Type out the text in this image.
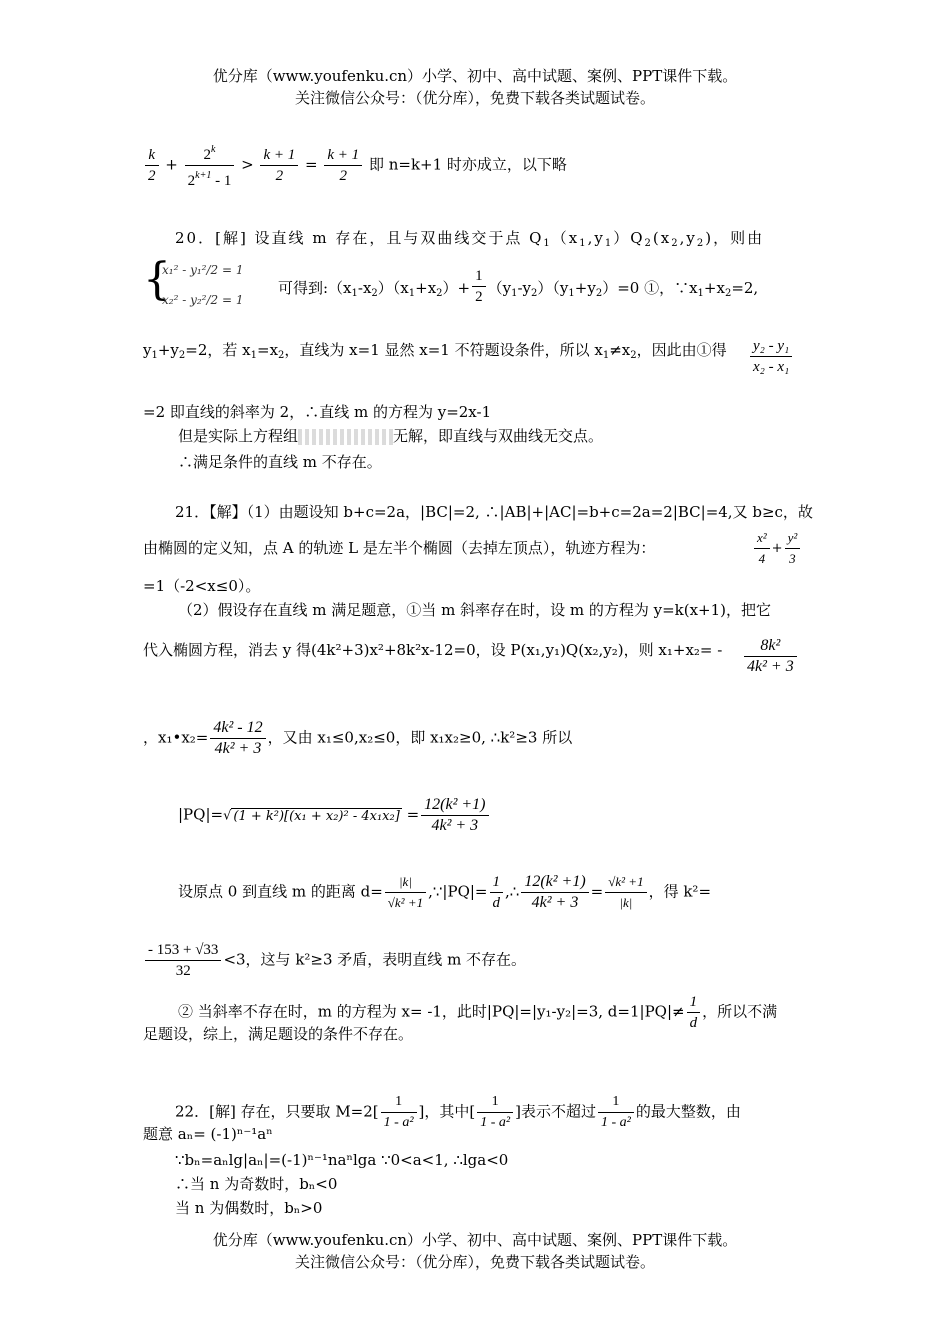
优分库（www.youfenku.cn）小学、初中、高中试题、案例、PPT课件下载。
关注微信公众号：（优分库），免费下载各类试题试卷。
$\frac{k}{2} + \frac{2^k}{2^{k+1} - 1} > \frac{k + 1}{2} = \frac{k + 1}{2}$ 即 n=k+1 时亦成立，以下略
20．[解] 设直线 m 存在，且与双曲线交于点 $Q_1(x_1,y_1)Q_2(x_2,y_2)$，则由
{
x₁² - y₁²/2 = 1
x₂² - y₂²/2 = 1
可得到$:(x_1-x_2)(x_1+x_2)+ \frac{1}{2} (y_1-y_2)(y_1+y_2)=0$ ①，$\because x_1+x_2=2$,
$y_1+y_2=2$，若 $x_1=x_2$，直线为 x=1 显然 x=1 不符题设条件，所以 $x_1\ne x_2$，因此由①得 $\frac{\text{y₂ - y₁}}{\text{x₂ - x₁}}$
=2 即直线的斜率为 2，∴直线 m 的方程为 y=2x-1
但是实际上方程组	无解，即直线与双曲线无交点。
∴满足条件的直线 m 不存在。
21．【解】（1）由题设知 b+c=2a，|BC|=2, ∴|AB|+|AC|=b+c=2a=2|BC|=4,又 b≥c，故
由椭圆的定义知，点 A 的轨迹 L 是左半个椭圆（去掉左顶点），轨迹方程为：	$\frac{\text{x²}}{4} + \frac{\text{y²}}{3}$
=1（-2<x≤0）。
（2）假设存在直线 m 满足题意，①当 m 斜率存在时，设 m 的方程为 y=k(x+1)，把它
代入椭圆方程，消去 y 得(4k²+3)x²+8k²x-12=0，设 P(x₁,y₁)Q(x₂,y₂)，则 $x_1+x_2= - \frac{\text{8k²}}{\text{4k² + 3}}$
，x₁•x₂= $\frac{\text{4k² - 12}}{\text{4k² + 3}}$ ，又由 x₁≤0,x₂≤0，即 x₁x₂≥0, ∴k²≥3 所以
|PQ|=√ $(1 + k^2)[(x_1 + x_2)^2 - 4x_1x_2] = \frac{\text{12(k² +1)}}{\text{4k² + 3}}$
设原点 0 到直线 m 的距离 $d= \frac{|k|}{\text{√k² +1}}$ ,∵|PQ|= $\frac{1}{d}$ ,∴ $\frac{\text{12(k² +1)}}{\text{4k² + 3}} = \frac{\text{√k² +1}}{|k|}$ ，得 k²=
$\frac{- 153 + √33}{32} <3$，这与 k²≥3 矛盾，表明直线 m 不存在。
② 当斜率不存在时，m 的方程为 x= -1，此时|PQ|=|y₁-y₂|=3, $d=1|PQ|\ne \frac{1}{d}$ ，所以不满
足题设，综上，满足题设的条件不存在。
22．[解] 存在，只要取 $M=2[ \frac{1}{\text{1 - a²}}$ ]，其中[ $\frac{1}{\text{1 - a²}}$ ]表示不超过 $\frac{1}{\text{1 - a²}}$ 的最大整数，由
题意 aₙ= (-1)ⁿ⁻¹aⁿ
∵bₙ=aₙlg|aₙ|=(-1)ⁿ⁻¹naⁿlga ∵0<a<1, ∴lga<0
∴当 n 为奇数时，bₙ<0
当 n 为偶数时，bₙ>0
优分库（www.youfenku.cn）小学、初中、高中试题、案例、PPT课件下载。
关注微信公众号：（优分库），免费下载各类试题试卷。
